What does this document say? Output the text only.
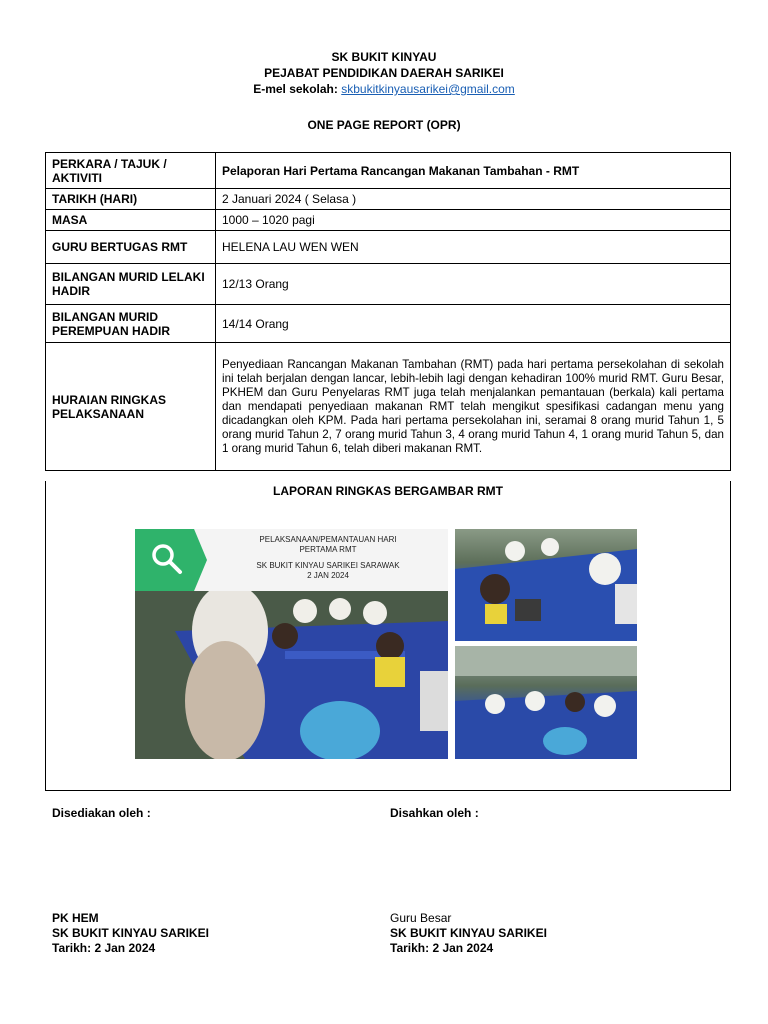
SK BUKIT KINYAU
PEJABAT PENDIDIKAN DAERAH SARIKEI
E-mel sekolah: skbukitkinyausarikei@gmail.com
ONE PAGE REPORT (OPR)
PERKARA / TAJUK / AKTIVITI	Pelaporan Hari Pertama Rancangan Makanan Tambahan - RMT
TARIKH (HARI)	2 Januari 2024 ( Selasa )
MASA	1000 – 1020 pagi
GURU BERTUGAS RMT	HELENA LAU WEN WEN
BILANGAN MURID LELAKI HADIR	12/13 Orang
BILANGAN MURID PEREMPUAN HADIR	14/14 Orang
HURAIAN RINGKAS PELAKSANAAN	Penyediaan Rancangan Makanan Tambahan (RMT) pada hari pertama persekolahan di sekolah ini telah berjalan dengan lancar, lebih-lebih lagi dengan kehadiran 100% murid RMT. Guru Besar, PKHEM dan Guru Penyelaras RMT juga telah menjalankan pemantauan (berkala) kali pertama dan mendapati penyediaan makanan RMT telah mengikut spesifikasi cadangan menu yang dicadangkan oleh KPM. Pada hari pertama persekolahan ini, seramai 8 orang murid Tahun 1, 5 orang murid Tahun 2, 7 orang murid Tahun 3, 4 orang murid Tahun 4, 1 orang murid Tahun 5, dan 1 orang murid Tahun 6, telah diberi makanan RMT.
LAPORAN RINGKAS BERGAMBAR RMT
PELAKSANAAN/PEMANTAUAN HARI
PERTAMA RMT
SK BUKIT KINYAU SARIKEI SARAWAK
2 JAN 2024
Disediakan oleh :	Disahkan oleh :
PK HEM
SK BUKIT KINYAU SARIKEI
Tarikh: 2 Jan 2024
Guru Besar
SK BUKIT KINYAU SARIKEI
Tarikh: 2 Jan 2024
